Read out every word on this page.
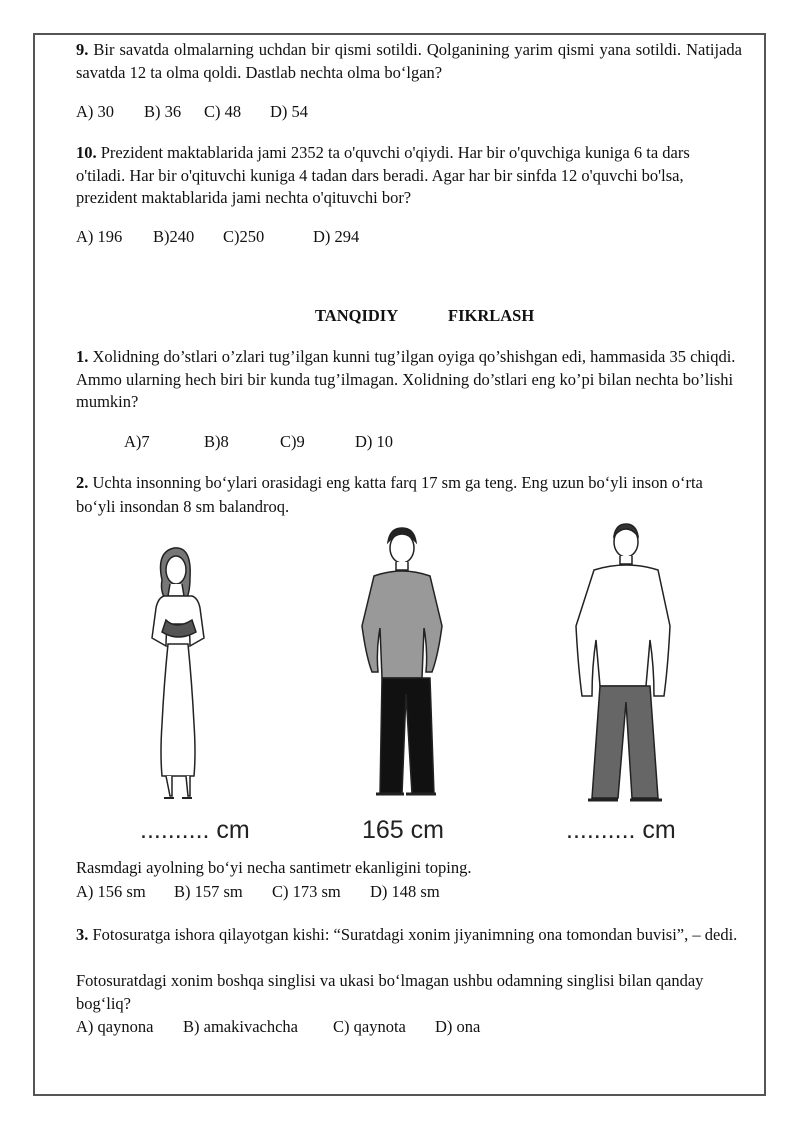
9. Bir savatda olmalarning uchdan bir qismi sotildi. Qolganining yarim qismi yana sotildi. Natijada savatda 12 ta olma qoldi. Dastlab nechta olma bo‘lgan?

A) 30 B) 36 C) 48 D) 54

10. Prezident maktablarida jami 2352 ta o'quvchi o'qiydi. Har bir o'quvchiga kuniga 6 ta dars o'tiladi. Har bir o'qituvchi kuniga 4 tadan dars beradi. Agar har bir sinfda 12 o'quvchi bo'lsa, prezident maktablarida jami nechta o'qituvchi bor?

A) 196 B)240 C)250	D) 294
TANQIDIY	FIKRLASH

1. Xolidning do’stlari o’zlari tug’ilgan kunni tug’ilgan oyiga qo’shishgan edi, hammasida 35 chiqdi. Ammo ularning hech biri bir kunda tug’ilmagan. Xolidning do’stlari eng ko’pi bilan nechta bo’lishi mumkin?

A)7	B)8	C)9	D) 10

2. Uchta insonning bo‘ylari orasidagi eng katta farq 17 sm ga teng. Eng uzun bo‘yli inson o‘rta bo‘yli insondan 8 sm balandroq.

.......... cm	165 cm	.......... cm

Rasmdagi ayolning bo‘yi necha santimetr ekanligini toping.

A) 156 sm B) 157 sm C) 173 sm D) 148 sm

3. Fotosuratga ishora qilayotgan kishi: “Suratdagi xonim jiyanimning ona tomondan buvisi”, – dedi.

Fotosuratdagi xonim boshqa singlisi va ukasi bo‘lmagan ushbu odamning singlisi bilan qanday bog‘liq?

A) qaynona B) amakivachcha C) qaynota D) ona
